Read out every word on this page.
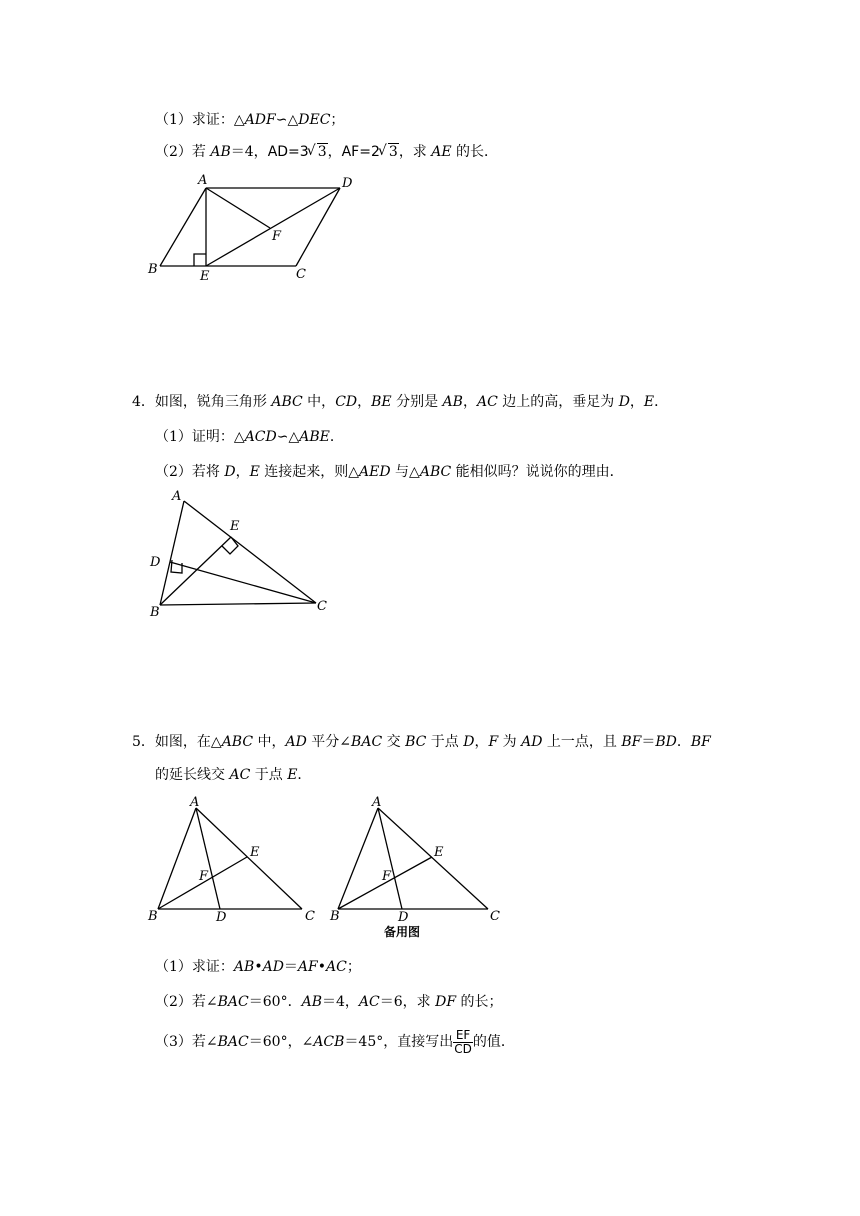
（1）求证：△ADF∽△DEC；
（2）若 AB＝4，AD=3 √ 3，AF=2 √ 3，求 AE 的长．
A	D
F
B	E	C
4．如图，锐角三角形 ABC 中，CD，BE 分别是 AB，AC 边上的高，垂足为 D，E．
（1）证明：△ACD∽△ABE．
（2）若将 D，E 连接起来，则△AED 与△ABC 能相似吗？说说你的理由．
A
E
D
B	C
5．如图，在△ABC 中，AD 平分∠BAC 交 BC 于点 D，F 为 AD 上一点，且 BF＝BD．BF
的延长线交 AC 于点 E．
A
E
F
B	D	C
A
E
F
B	D	C
备用图
（1）求证：AB•AD＝AF•AC；
（2）若∠BAC＝60°．AB＝4，AC＝6，求 DF 的长；
（3）若∠BAC＝60°，∠ACB＝45°，直接写出 $\frac{EF}{CD}$ 的值．
